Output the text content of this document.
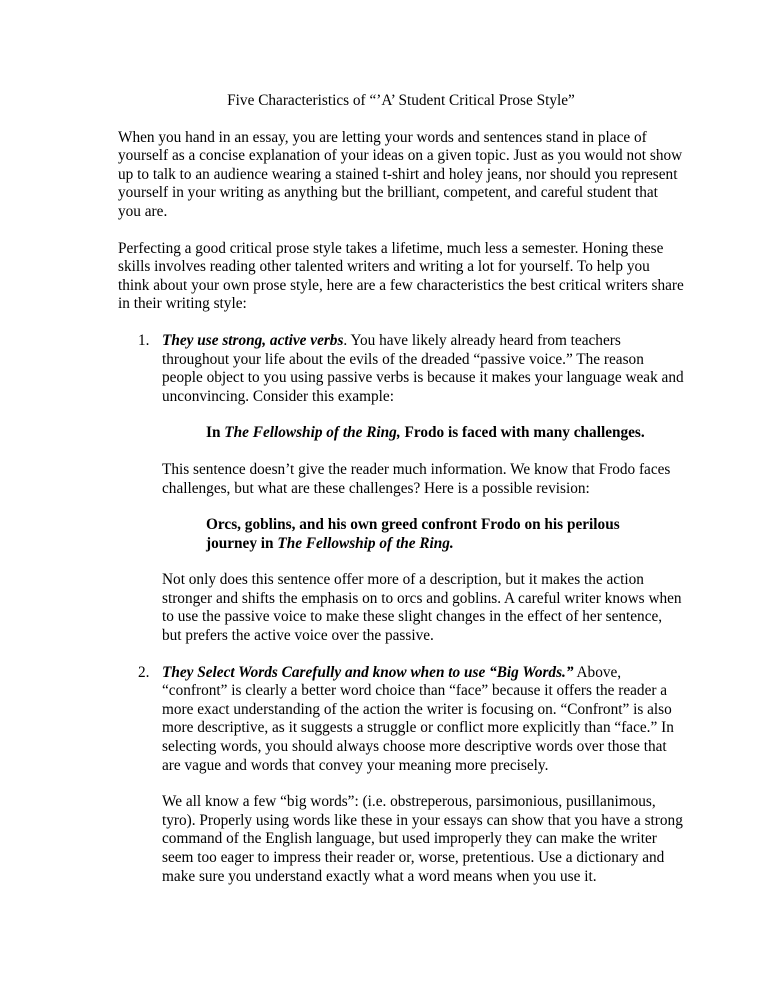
Five Characteristics of “’A’ Student Critical Prose Style”

When you hand in an essay, you are letting your words and sentences stand in place of yourself as a concise explanation of your ideas on a given topic. Just as you would not show up to talk to an audience wearing a stained t-shirt and holey jeans, nor should you represent yourself in your writing as anything but the brilliant, competent, and careful student that you are.

Perfecting a good critical prose style takes a lifetime, much less a semester. Honing these skills involves reading other talented writers and writing a lot for yourself. To help you think about your own prose style, here are a few characteristics the best critical writers share in their writing style:

1. They use strong, active verbs. You have likely already heard from teachers throughout your life about the evils of the dreaded “passive voice.” The reason people object to you using passive verbs is because it makes your language weak and unconvincing. Consider this example:

In The Fellowship of the Ring, Frodo is faced with many challenges.

This sentence doesn’t give the reader much information. We know that Frodo faces challenges, but what are these challenges? Here is a possible revision:

Orcs, goblins, and his own greed confront Frodo on his perilous journey in The Fellowship of the Ring.

Not only does this sentence offer more of a description, but it makes the action stronger and shifts the emphasis on to orcs and goblins. A careful writer knows when to use the passive voice to make these slight changes in the effect of her sentence, but prefers the active voice over the passive.

2. They Select Words Carefully and know when to use “Big Words.” Above, “confront” is clearly a better word choice than “face” because it offers the reader a more exact understanding of the action the writer is focusing on. “Confront” is also more descriptive, as it suggests a struggle or conflict more explicitly than “face.” In selecting words, you should always choose more descriptive words over those that are vague and words that convey your meaning more precisely.

We all know a few “big words”: (i.e. obstreperous, parsimonious, pusillanimous, tyro). Properly using words like these in your essays can show that you have a strong command of the English language, but used improperly they can make the writer seem too eager to impress their reader or, worse, pretentious. Use a dictionary and make sure you understand exactly what a word means when you use it.
